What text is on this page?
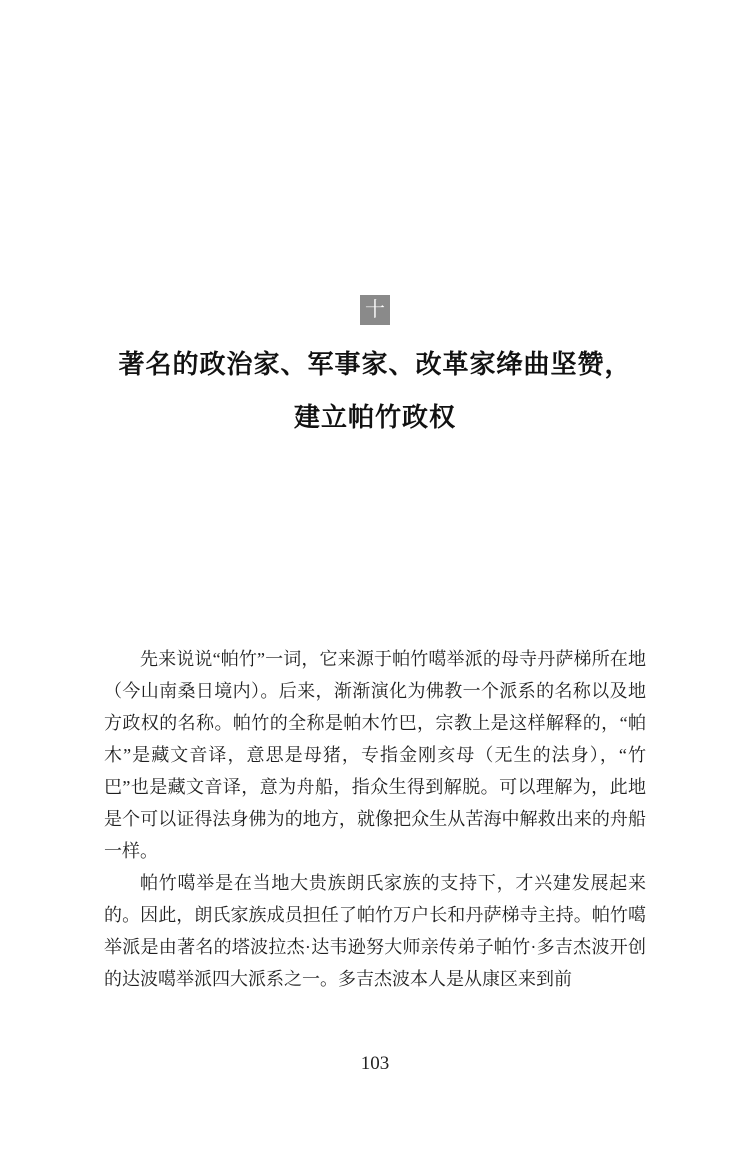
十
著名的政治家、军事家、改革家绛曲坚赞，
建立帕竹政权

先来说说“帕竹”一词，它来源于帕竹噶举派的母寺丹萨梯所在地（今山南桑日境内）。后来，渐渐演化为佛教一个派系的名称以及地方政权的名称。帕竹的全称是帕木竹巴，宗教上是这样解释的，“帕木”是藏文音译，意思是母猪，专指金刚亥母（无生的法身），“竹巴”也是藏文音译，意为舟船，指众生得到解脱。可以理解为，此地是个可以证得法身佛为的地方，就像把众生从苦海中解救出来的舟船一样。

帕竹噶举是在当地大贵族朗氏家族的支持下，才兴建发展起来的。因此，朗氏家族成员担任了帕竹万户长和丹萨梯寺主持。帕竹噶举派是由著名的塔波拉杰·达韦逊努大师亲传弟子帕竹·多吉杰波开创的达波噶举派四大派系之一。多吉杰波本人是从康区来到前

103
